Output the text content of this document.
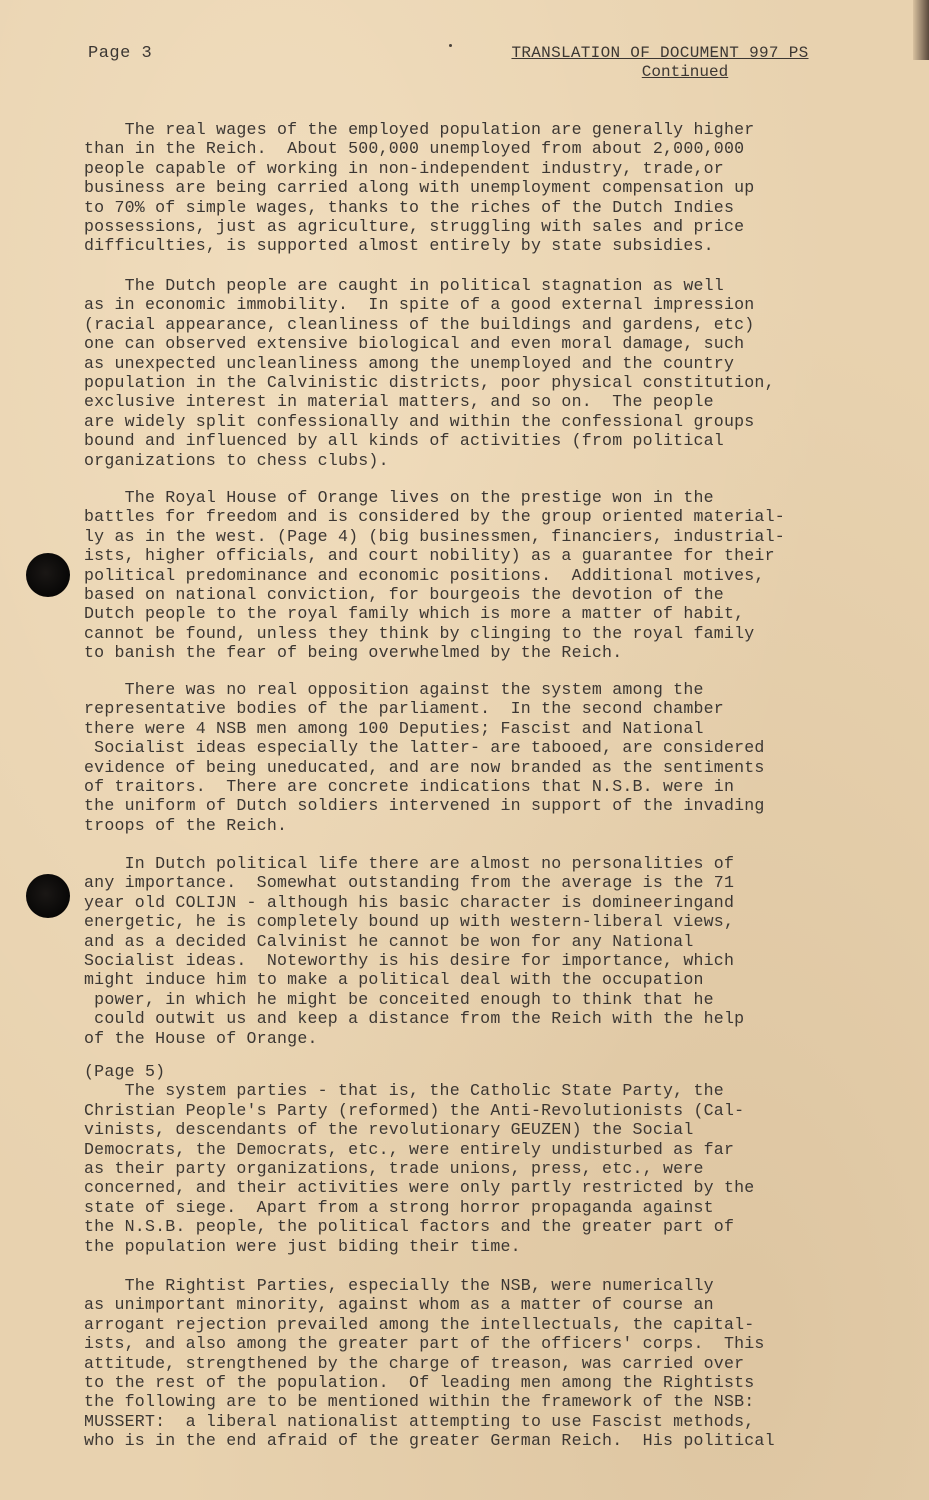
Page 3	TRANSLATION OF DOCUMENT 997 PS
Continued

The real wages of the employed population are generally higher
than in the Reich.  About 500,000 unemployed from about 2,000,000
people capable of working in non-independent industry, trade,or
business are being carried along with unemployment compensation up
to 70% of simple wages, thanks to the riches of the Dutch Indies
possessions, just as agriculture, struggling with sales and price
difficulties, is supported almost entirely by state subsidies.

The Dutch people are caught in political stagnation as well
as in economic immobility.  In spite of a good external impression
(racial appearance, cleanliness of the buildings and gardens, etc)
one can observed extensive biological and even moral damage, such
as unexpected uncleanliness among the unemployed and the country
population in the Calvinistic districts, poor physical constitution,
exclusive interest in material matters, and so on.  The people
are widely split confessionally and within the confessional groups
bound and influenced by all kinds of activities (from political
organizations to chess clubs).

The Royal House of Orange lives on the prestige won in the
battles for freedom and is considered by the group oriented material-
ly as in the west. (Page 4) (big businessmen, financiers, industrial-
ists, higher officials, and court nobility) as a guarantee for their
political predominance and economic positions.  Additional motives,
based on national conviction, for bourgeois the devotion of the
Dutch people to the royal family which is more a matter of habit,
cannot be found, unless they think by clinging to the royal family
to banish the fear of being overwhelmed by the Reich.

There was no real opposition against the system among the
representative bodies of the parliament.  In the second chamber
there were 4 NSB men among 100 Deputies; Fascist and National
Socialist ideas especially the latter- are tabooed, are considered
evidence of being uneducated, and are now branded as the sentiments
of traitors.  There are concrete indications that N.S.B. were in
the uniform of Dutch soldiers intervened in support of the invading
troops of the Reich.

In Dutch political life there are almost no personalities of
any importance.  Somewhat outstanding from the average is the 71
year old COLIJN - although his basic character is domineeringand
energetic, he is completely bound up with western-liberal views,
and as a decided Calvinist he cannot be won for any National
Socialist ideas.  Noteworthy is his desire for importance, which
might induce him to make a political deal with the occupation
power, in which he might be conceited enough to think that he
could outwit us and keep a distance from the Reich with the help
of the House of Orange.

(Page 5)
The system parties - that is, the Catholic State Party, the
Christian People's Party (reformed) the Anti-Revolutionists (Cal-
vinists, descendants of the revolutionary GEUZEN) the Social
Democrats, the Democrats, etc., were entirely undisturbed as far
as their party organizations, trade unions, press, etc., were
concerned, and their activities were only partly restricted by the
state of siege.  Apart from a strong horror propaganda against
the N.S.B. people, the political factors and the greater part of
the population were just biding their time.

The Rightist Parties, especially the NSB, were numerically
as unimportant minority, against whom as a matter of course an
arrogant rejection prevailed among the intellectuals, the capital-
ists, and also among the greater part of the officers' corps.  This
attitude, strengthened by the charge of treason, was carried over
to the rest of the population.  Of leading men among the Rightists
the following are to be mentioned within the framework of the NSB:
MUSSERT:  a liberal nationalist attempting to use Fascist methods,
who is in the end afraid of the greater German Reich.  His political
